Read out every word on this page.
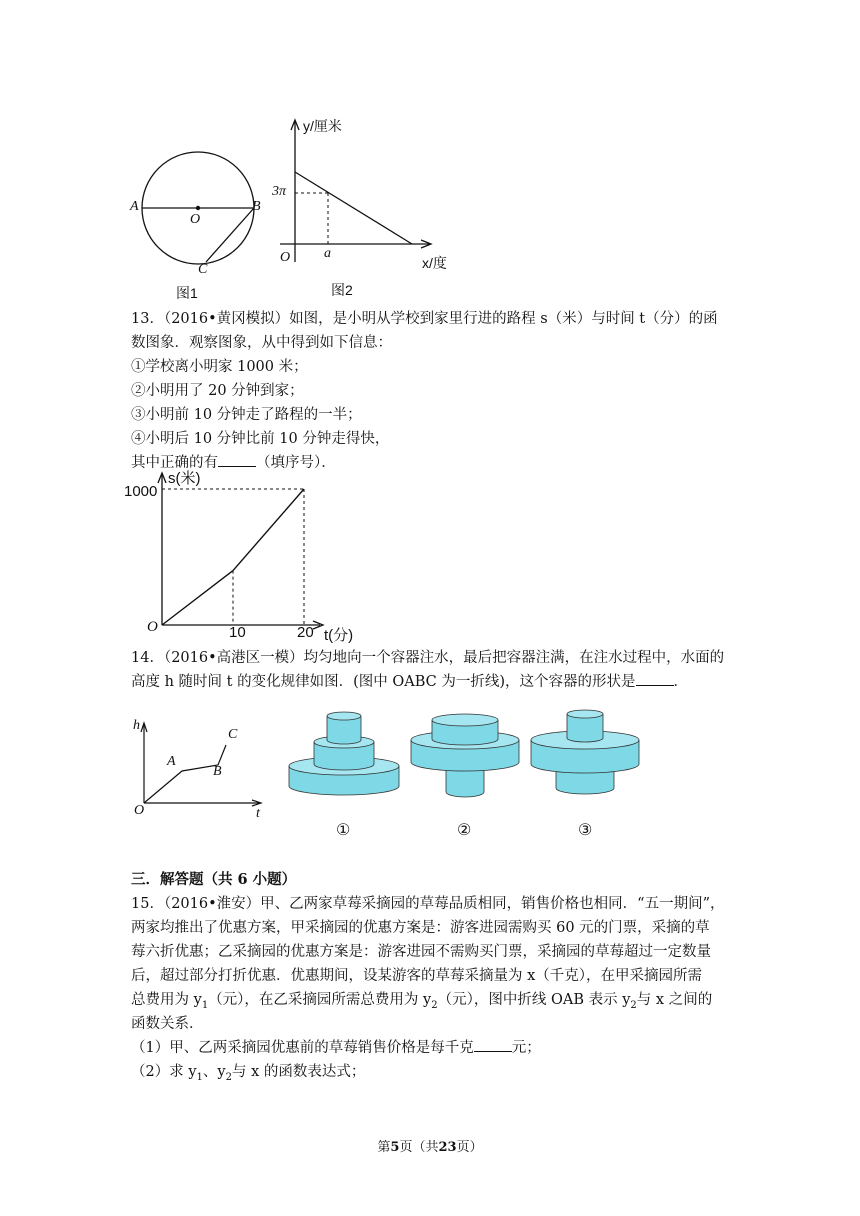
A
O
B
C
图1
y/厘米
3π
O a
x/度
图2
13．（2016•黄冈模拟）如图，是小明从学校到家里行进的路程 s（米）与时间 t（分）的函
数图象．观察图象，从中得到如下信息：
①学校离小明家 1000 米；
②小明用了 20 分钟到家；
③小明前 10 分钟走了路程的一半；
④小明后 10 分钟比前 10 分钟走得快，
其中正确的有	（填序号）．
s(米)
1000
O	10	20 t(分)
14．（2016•高港区一模）均匀地向一个容器注水，最后把容器注满，在注水过程中，水面的
高度 h 随时间 t 的变化规律如图．(图中 OABC 为一折线)，这个容器的形状是	．
h
A
B
C
O	t
①	②	③
三．解答题（共 6 小题）
15．（2016•淮安）甲、乙两家草莓采摘园的草莓品质相同，销售价格也相同．“五一期间”，
两家均推出了优惠方案，甲采摘园的优惠方案是：游客进园需购买 60 元的门票，采摘的草
莓六折优惠；乙采摘园的优惠方案是：游客进园不需购买门票，采摘园的草莓超过一定数量
后，超过部分打折优惠．优惠期间，设某游客的草莓采摘量为 x（千克），在甲采摘园所需
总费用为 $y_1$（元），在乙采摘园所需总费用为 $y_2$（元），图中折线 OAB 表示 $y_2$与 x 之间的
函数关系．
（1）甲、乙两采摘园优惠前的草莓销售价格是每千克	元；
（2）求 $y_1$、$y_2$与 x 的函数表达式；
第5页（共23页）
